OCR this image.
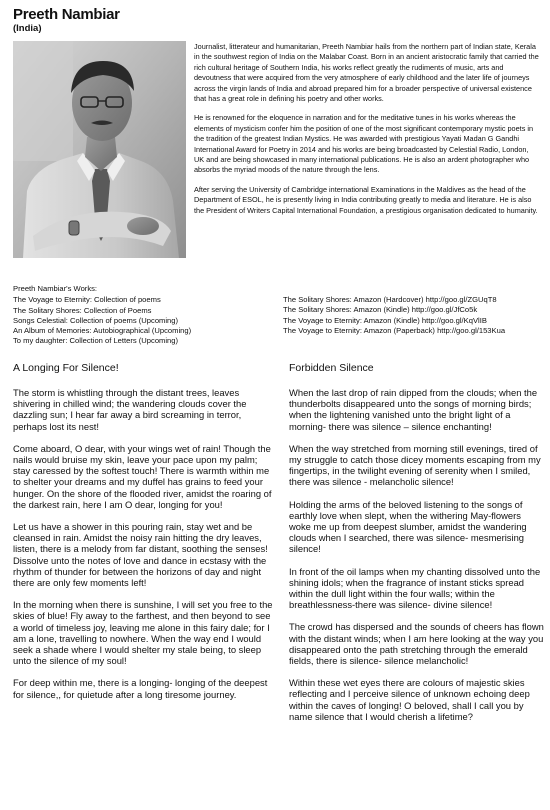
Preeth Nambiar
(India)

Journalist, litterateur and humanitarian, Preeth Nambiar hails from the northern part of Indian state, Kerala in the southwest region of India on the Malabar Coast. Born in an ancient aristocratic family that carried the rich cultural heritage of Southern India, his works reflect greatly the rudiments of music, arts and devoutness that were acquired from the very atmosphere of early childhood and the later life of journeys across the virgin lands of India and abroad prepared him for a broader perspective of universal existence that has a great role in defining his poetry and other works.

He is renowned for the eloquence in narration and for the meditative tunes in his works whereas the elements of mysticism confer him the position of one of the most significant contemporary mystic poets in the tradition of the greatest Indian Mystics. He was awarded with prestigious Yayati Madan G Gandhi International Award for Poetry in 2014 and his works are being broadcasted by Celestial Radio, London, UK and are being showcased in many international publications. He is also an ardent photographer who absorbs the myriad moods of the nature through the lens.

After serving the University of Cambridge international Examinations in the Maldives as the head of the Department of ESOL, he is presently living in India contributing greatly to media and literature. He is also the President of Writers Capital International Foundation, a prestigious organisation dedicated to humanity.

Preeth Nambiar's Works:
The Voyage to Eternity: Collection of poems
The Solitary Shores: Collection of Poems
Songs Celestial: Collection of poems (Upcoming)
An Album of Memories: Autobiographical (Upcoming)
To my daughter: Collection of Letters (Upcoming)
The Solitary Shores: Amazon (Hardcover) http://goo.gl/ZGUqT8
The Solitary Shores: Amazon (Kindle) http://goo.gl/JfCo5k
The Voyage to Eternity: Amazon (Kindle) http://goo.gl/KqVlIB
The Voyage to Eternity: Amazon (Paperback) http://goo.gl/153Kua
A Longing For Silence!

The storm is whistling through the distant trees, leaves shivering in chilled wind; the wandering clouds cover the dazzling sun; I hear far away a bird screaming in terror, perhaps lost its nest!

Come aboard, O dear, with your wings wet of rain! Though the nails would bruise my skin, leave your pace upon my palm; stay caressed by the softest touch! There is warmth within me to shelter your dreams and my duffel has grains to feed your hunger. On the shore of the flooded river, amidst the roaring of the darkest rain, here I am O dear, longing for you!

Let us have a shower in this pouring rain, stay wet and be cleansed in rain. Amidst the noisy rain hitting the dry leaves, listen, there is a melody from far distant, soothing the senses! Dissolve unto the notes of love and dance in ecstasy with the rhythm of thunder for between the horizons of day and night there are only few moments left!

In the morning when there is sunshine, I will set you free to the skies of blue! Fly away to the farthest, and then beyond to see a world of timeless joy, leaving me alone in this fairy dale; for I am a lone, travelling to nowhere. When the way end I would seek a shade where I would shelter my stale being, to sleep unto the silence of my soul!

For deep within me, there is a longing- longing of the deepest for silence,, for quietude after a long tiresome journey.

Forbidden Silence

When the last drop of rain dipped from the clouds; when the thunderbolts disappeared unto the songs of morning birds; when the lightening vanished unto the bright light of a morning- there was silence – silence enchanting!

When the way stretched from morning still evenings, tired of my struggle to catch those dicey moments escaping from my fingertips, in the twilight evening of serenity when I smiled, there was silence - melancholic silence!

Holding the arms of the beloved listening to the songs of earthly love when slept, when the withering May-flowers woke me up from deepest slumber, amidst the wandering clouds when I searched, there was silence- mesmerising silence!

In front of the oil lamps when my chanting dissolved unto the shining idols; when the fragrance of instant sticks spread within the dull light within the four walls; within the breathlessness-there was silence- divine silence!

The crowd has dispersed and the sounds of cheers has flown with the distant winds; when I am here looking at the way you disappeared onto the path stretching through the emerald fields, there is silence- silence melancholic!

Within these wet eyes there are colours of majestic skies reflecting and I perceive silence of unknown echoing deep within the caves of longing! O beloved, shall I call you by name silence that I would cherish a lifetime?
